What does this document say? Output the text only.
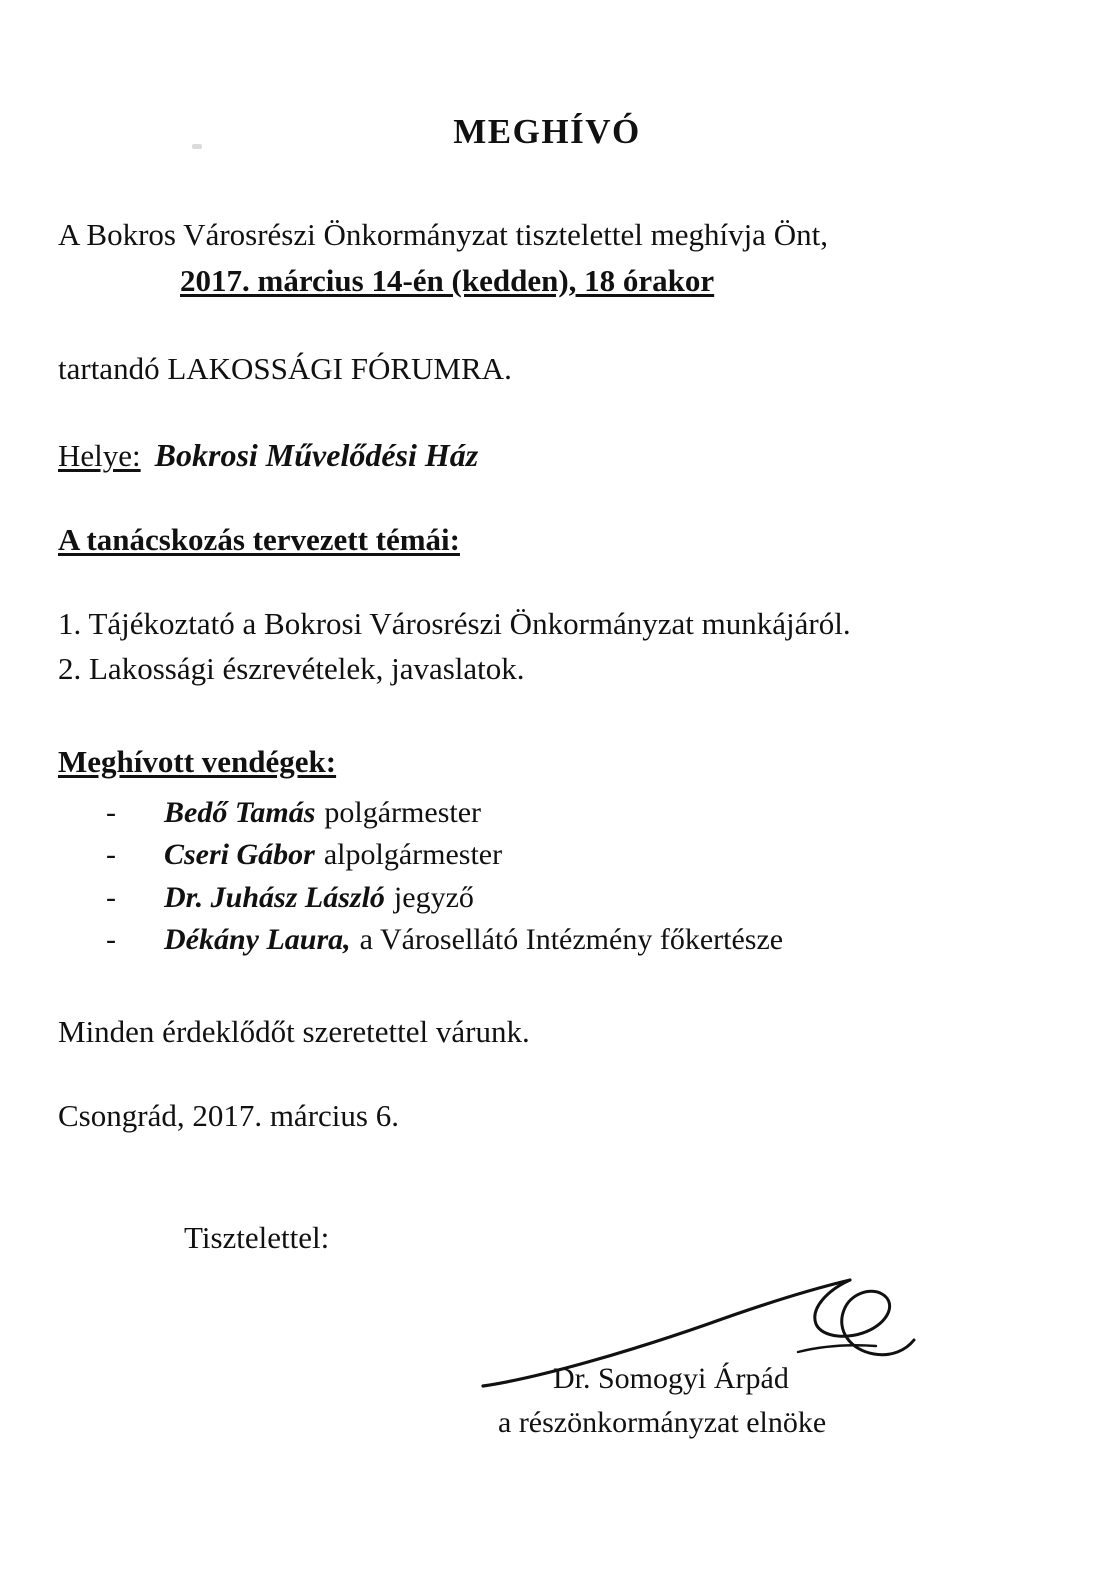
MEGHÍVÓ
A Bokros Városrészi Önkormányzat tisztelettel meghívja Önt,
2017. március 14-én (kedden), 18 órakor
tartandó LAKOSSÁGI FÓRUMRA.
Helye: Bokrosi Művelődési Ház
A tanácskozás tervezett témái:
1. Tájékoztató a Bokrosi Városrészi Önkormányzat munkájáról.
2. Lakossági észrevételek, javaslatok.
Meghívott vendégek:
-	Bedő Tamás polgármester
-	Cseri Gábor alpolgármester
-	Dr. Juhász László jegyző
-	Dékány Laura, a Városellátó Intézmény főkertésze
Minden érdeklődőt szeretettel várunk.
Csongrád, 2017. március 6.
Tisztelettel:
Dr. Somogyi Árpád
a részönkormányzat elnöke
